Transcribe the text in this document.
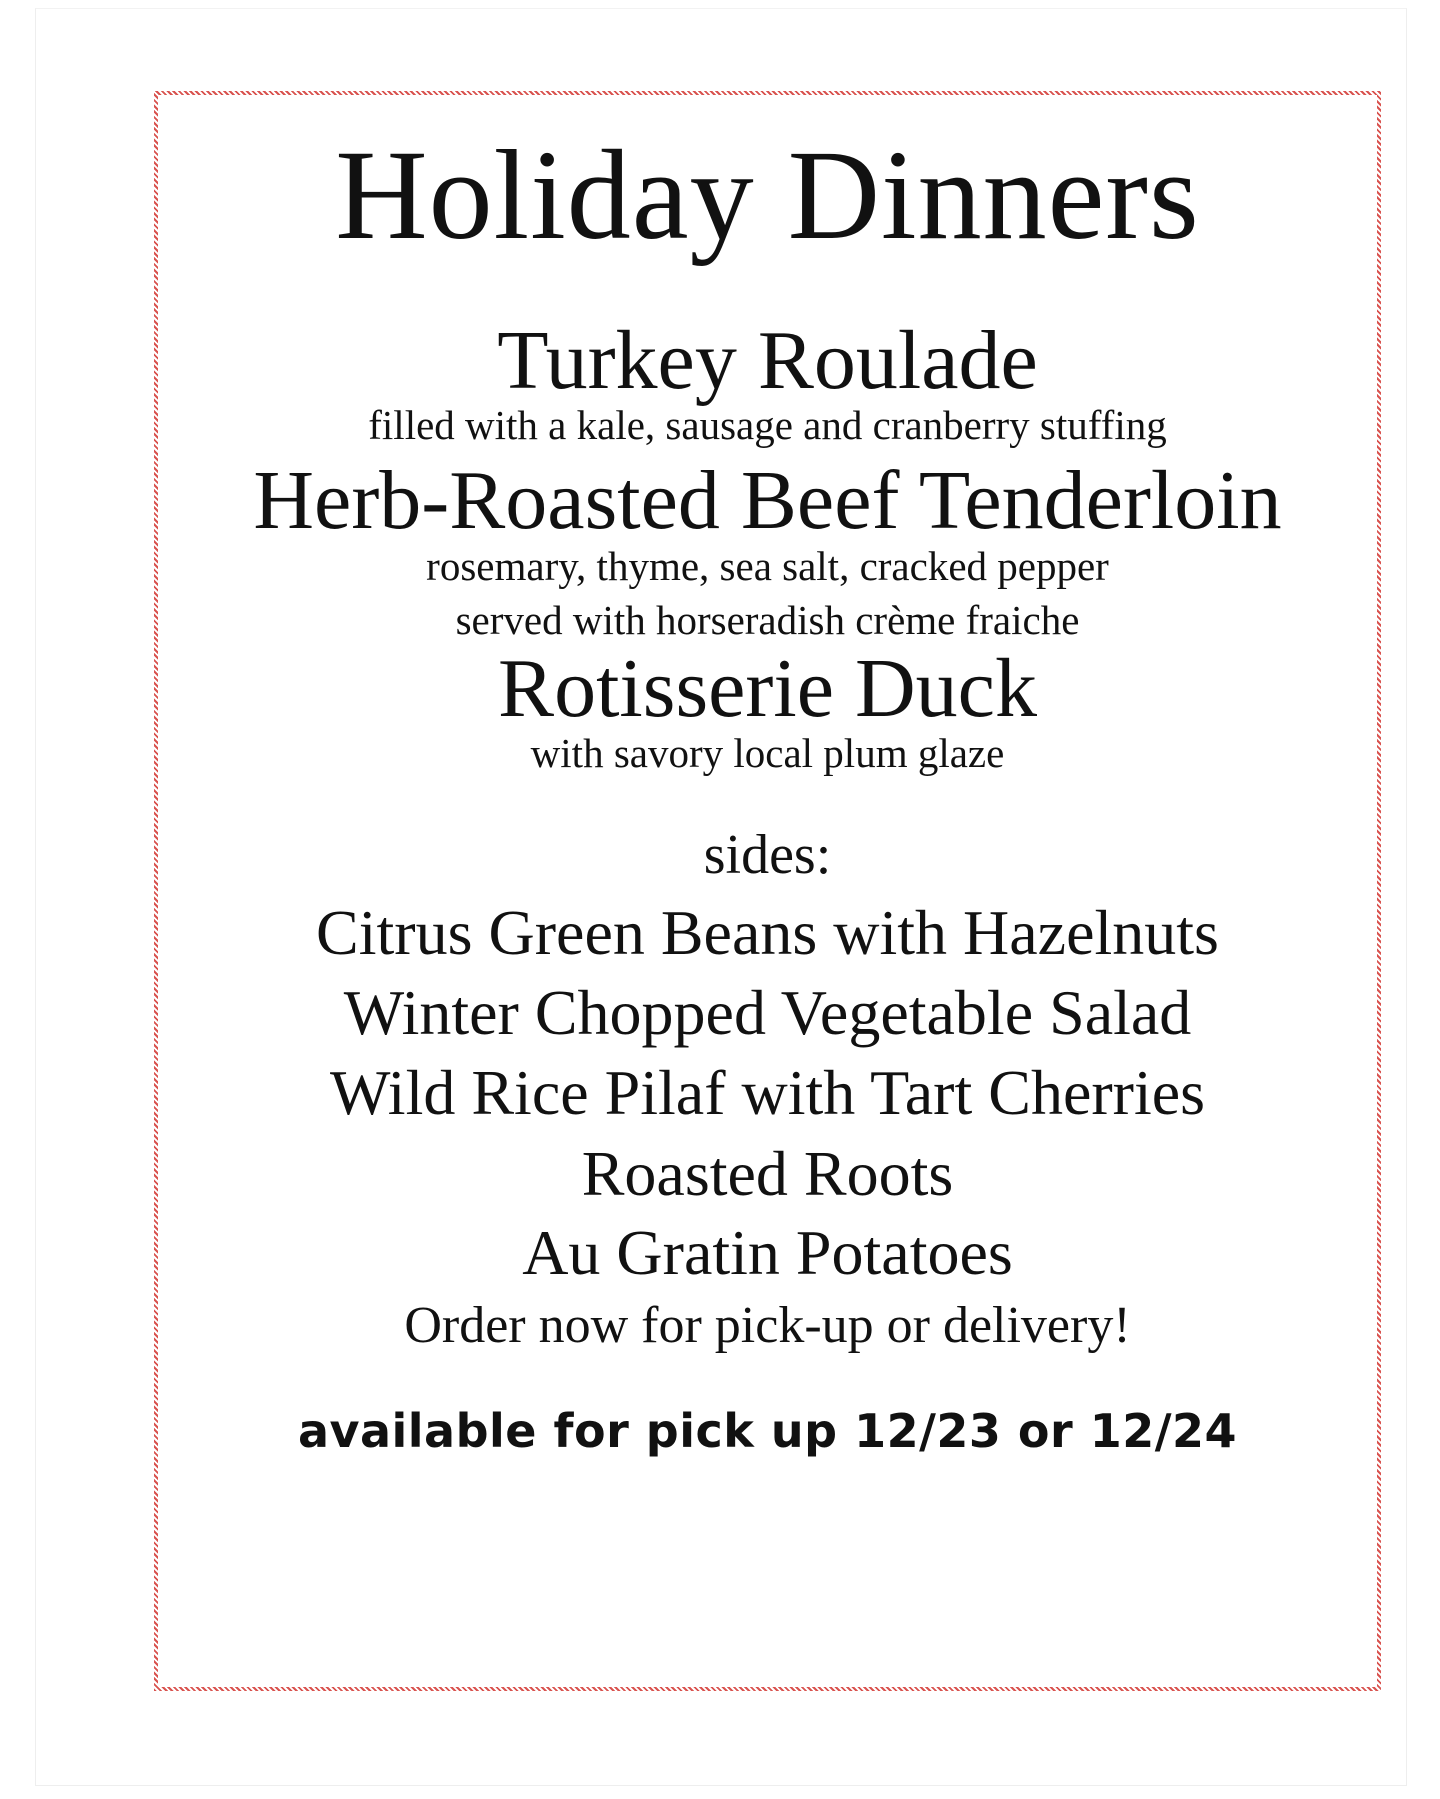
Holiday Dinners
Turkey Roulade
filled with a kale, sausage and cranberry stuffing
Herb-Roasted Beef Tenderloin
rosemary, thyme, sea salt, cracked pepper
served with horseradish crème fraiche
Rotisserie Duck
with savory local plum glaze
sides:
Citrus Green Beans with Hazelnuts
Winter Chopped Vegetable Salad
Wild Rice Pilaf with Tart Cherries
Roasted Roots
Au Gratin Potatoes
Order now for pick-up or delivery!
available for pick up 12/23 or 12/24
